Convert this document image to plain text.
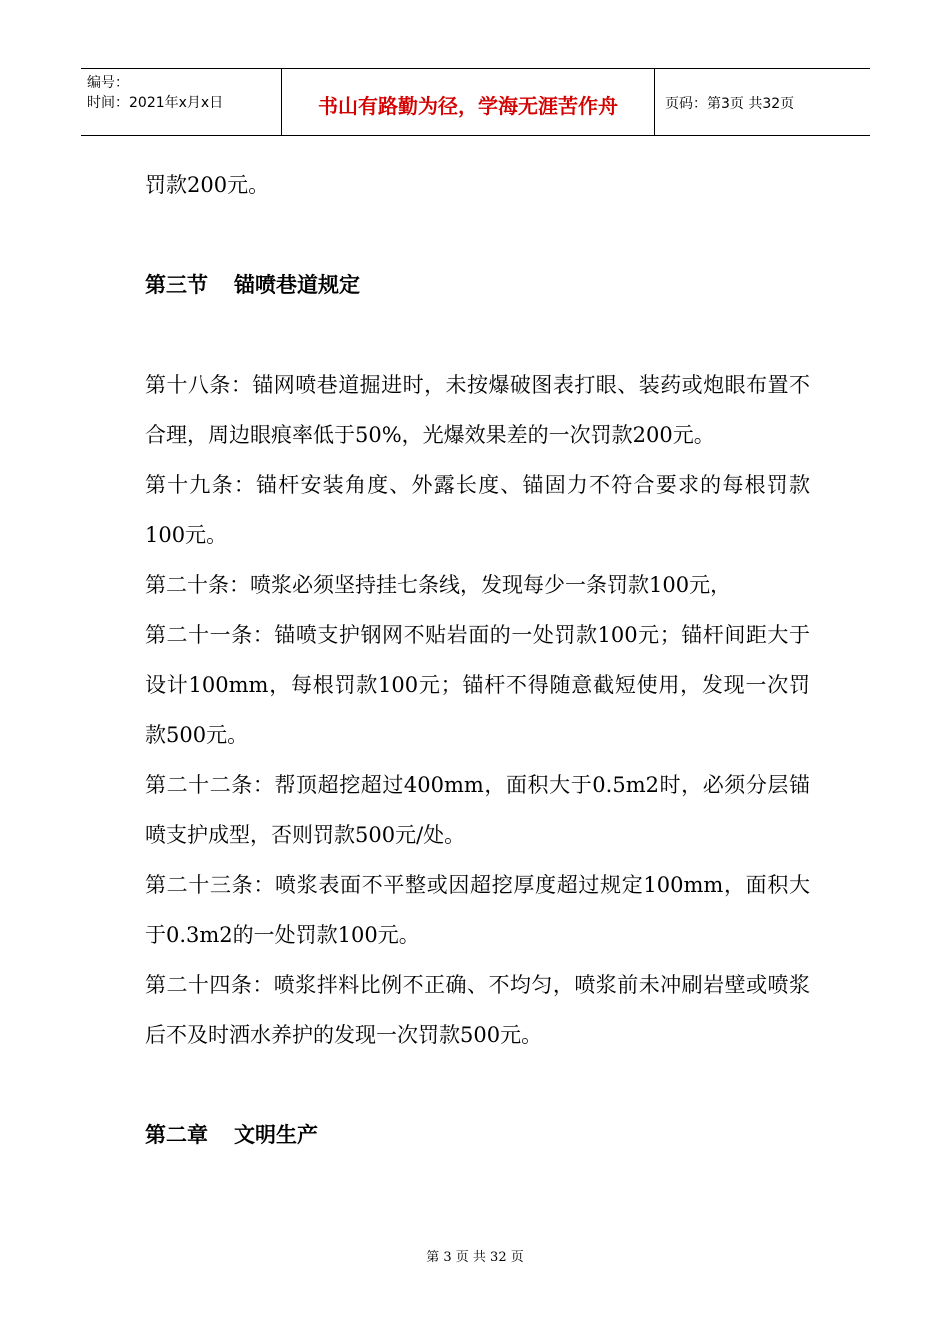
编号：
时间：2021年x月x日	书山有路勤为径，学海无涯苦作舟	页码：第3页 共32页

罚款200元。

第三节 锚喷巷道规定

第十八条：锚网喷巷道掘进时，未按爆破图表打眼、装药或炮眼布置不合理，周边眼痕率低于50%，光爆效果差的一次罚款200元。

第十九条：锚杆安装角度、外露长度、锚固力不符合要求的每根罚款100元。

第二十条：喷浆必须坚持挂七条线，发现每少一条罚款100元，

第二十一条：锚喷支护钢网不贴岩面的一处罚款100元；锚杆间距大于设计100mm，每根罚款100元；锚杆不得随意截短使用，发现一次罚款500元。

第二十二条：帮顶超挖超过400mm，面积大于0.5m2时，必须分层锚喷支护成型，否则罚款500元/处。

第二十三条：喷浆表面不平整或因超挖厚度超过规定100mm，面积大于0.3m2的一处罚款100元。

第二十四条：喷浆拌料比例不正确、不均匀，喷浆前未冲刷岩壁或喷浆后不及时洒水养护的发现一次罚款500元。

第二章 文明生产

第 3 页 共 32 页
